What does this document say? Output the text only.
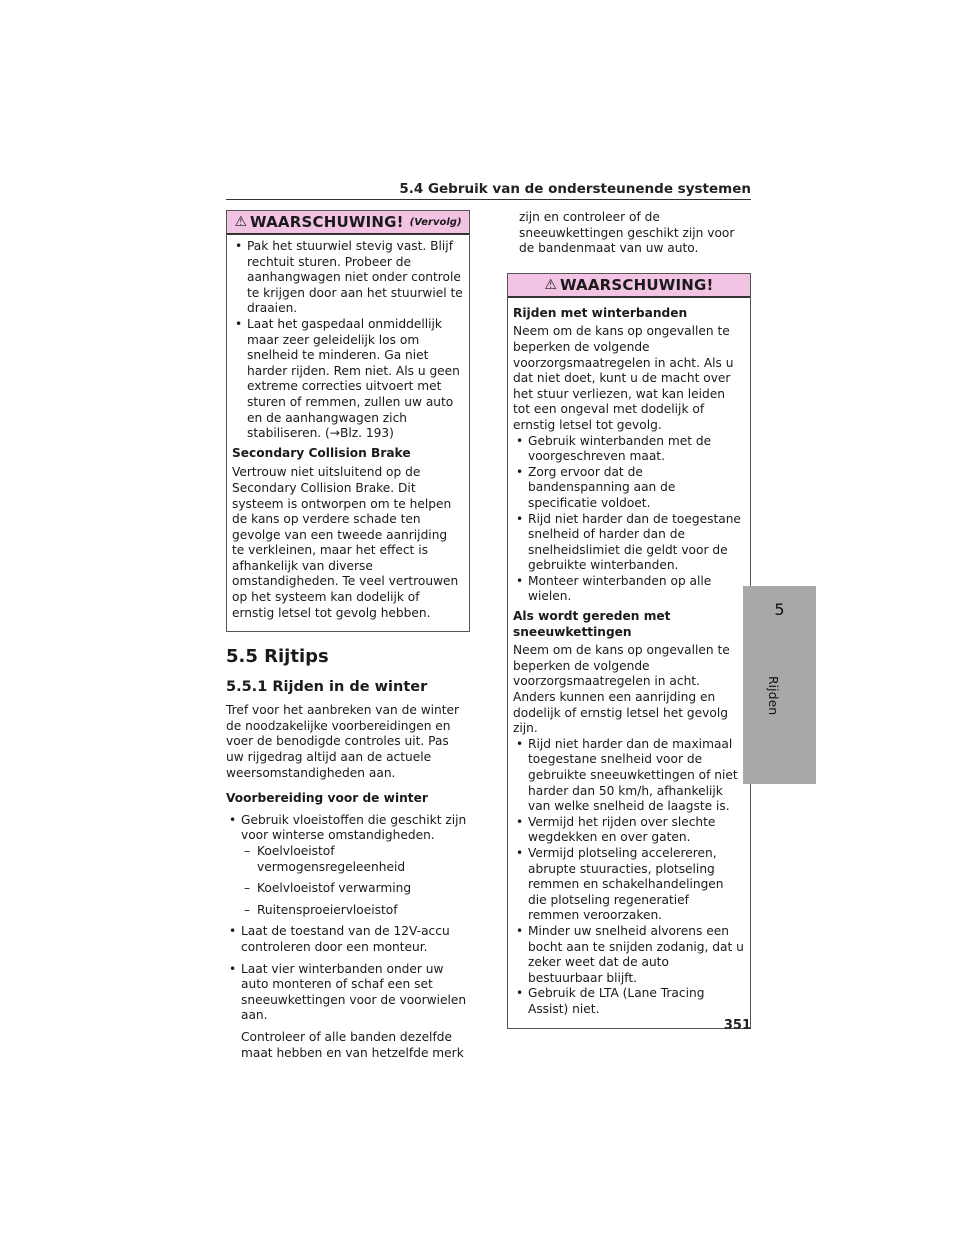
5.4 Gebruik van de ondersteunende systemen
⚠ WAARSCHUWING! (Vervolg)
• Pak het stuurwiel stevig vast. Blijf rechtuit sturen. Probeer de aanhangwagen niet onder controle te krijgen door aan het stuurwiel te draaien.
• Laat het gaspedaal onmiddellijk maar zeer geleidelijk los om snelheid te minderen. Ga niet harder rijden. Rem niet. Als u geen extreme correcties uitvoert met sturen of remmen, zullen uw auto en de aanhangwagen zich stabiliseren. (→Blz. 193)

Secondary Collision Brake

Vertrouw niet uitsluitend op de Secondary Collision Brake. Dit systeem is ontworpen om te helpen de kans op verdere schade ten gevolge van een tweede aanrijding te verkleinen, maar het effect is afhankelijk van diverse omstandigheden. Te veel vertrouwen op het systeem kan dodelijk of ernstig letsel tot gevolg hebben.

5.5 Rijtips
5.5.1 Rijden in de winter

Tref voor het aanbreken van de winter de noodzakelijke voorbereidingen en voer de benodigde controles uit. Pas uw rijgedrag altijd aan de actuele weersomstandigheden aan.

Voorbereiding voor de winter

• Gebruik vloeistoffen die geschikt zijn voor winterse omstandigheden.
– Koelvloeistof vermogensregeleenheid
– Koelvloeistof verwarming
– Ruitensproeiervloeistof
• Laat de toestand van de 12V-accu controleren door een monteur.
• Laat vier winterbanden onder uw auto monteren of schaf een set sneeuwkettingen voor de voorwielen aan.

Controleer of alle banden dezelfde maat hebben en van hetzelfde merk

zijn en controleer of de sneeuwkettingen geschikt zijn voor de bandenmaat van uw auto.

⚠ WAARSCHUWING!

Rijden met winterbanden

Neem om de kans op ongevallen te beperken de volgende voorzorgsmaatregelen in acht. Als u dat niet doet, kunt u de macht over het stuur verliezen, wat kan leiden tot een ongeval met dodelijk of ernstig letsel tot gevolg.

• Gebruik winterbanden met de voorgeschreven maat.
• Zorg ervoor dat de bandenspanning aan de specificatie voldoet.
• Rijd niet harder dan de toegestane snelheid of harder dan de snelheidslimiet die geldt voor de gebruikte winterbanden.
• Monteer winterbanden op alle wielen.

Als wordt gereden met sneeuwkettingen

Neem om de kans op ongevallen te beperken de volgende voorzorgsmaatregelen in acht. Anders kunnen een aanrijding en dodelijk of ernstig letsel het gevolg zijn.

• Rijd niet harder dan de maximaal toegestane snelheid voor de gebruikte sneeuwkettingen of niet harder dan 50 km/h, afhankelijk van welke snelheid de laagste is.
• Vermijd het rijden over slechte wegdekken en over gaten.
• Vermijd plotseling accelereren, abrupte stuuracties, plotseling remmen en schakelhandelingen die plotseling regeneratief remmen veroorzaken.
• Minder uw snelheid alvorens een bocht aan te snijden zodanig, dat u zeker weet dat de auto bestuurbaar blijft.
• Gebruik de LTA (Lane Tracing Assist) niet.
5
Rijden
351
